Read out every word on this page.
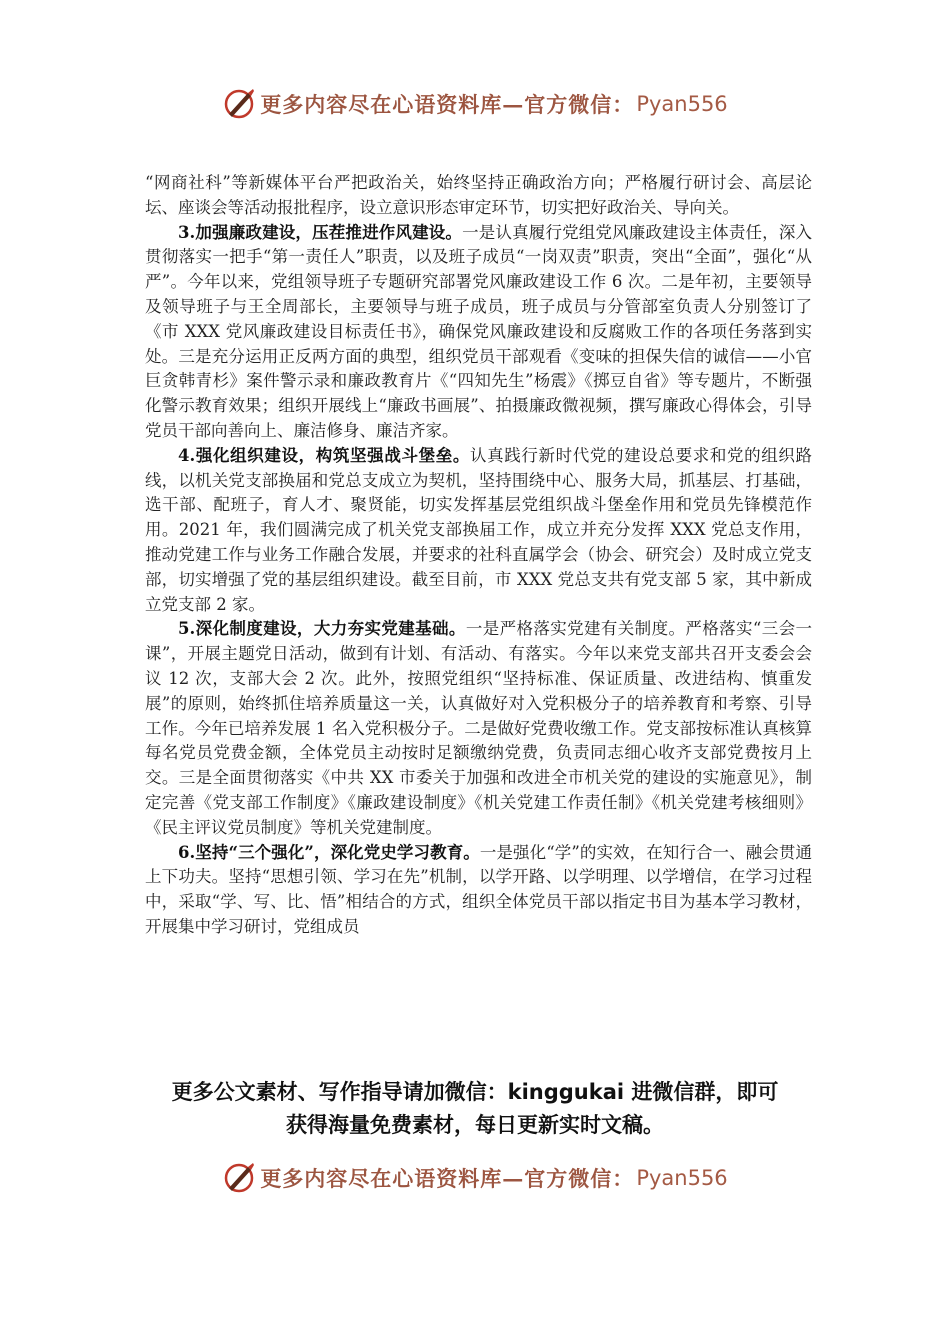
更多内容尽在心语资料库—官方微信： Pyan556

“网商社科”等新媒体平台严把政治关，始终坚持正确政治方向；严格履行研讨会、高层论坛、座谈会等活动报批程序，设立意识形态审定环节，切实把好政治关、导向关。

3.加强廉政建设，压茬推进作风建设。一是认真履行党组党风廉政建设主体责任，深入贯彻落实一把手“第一责任人”职责，以及班子成员“一岗双责”职责，突出“全面”，强化“从严”。今年以来，党组领导班子专题研究部署党风廉政建设工作 6 次。二是年初，主要领导及领导班子与王全周部长，主要领导与班子成员，班子成员与分管部室负责人分别签订了《市 XXX 党风廉政建设目标责任书》，确保党风廉政建设和反腐败工作的各项任务落到实处。三是充分运用正反两方面的典型，组织党员干部观看《变味的担保失信的诚信——小官巨贪韩青杉》案件警示录和廉政教育片《“四知先生”杨震》《掷豆自省》等专题片，不断强化警示教育效果；组织开展线上“廉政书画展”、拍摄廉政微视频，撰写廉政心得体会，引导党员干部向善向上、廉洁修身、廉洁齐家。

4.强化组织建设，构筑坚强战斗堡垒。认真践行新时代党的建设总要求和党的组织路线，以机关党支部换届和党总支成立为契机，坚持围绕中心、服务大局，抓基层、打基础，选干部、配班子，育人才、聚贤能，切实发挥基层党组织战斗堡垒作用和党员先锋模范作用。2021 年，我们圆满完成了机关党支部换届工作，成立并充分发挥 XXX 党总支作用，推动党建工作与业务工作融合发展，并要求的社科直属学会（协会、研究会）及时成立党支部，切实增强了党的基层组织建设。截至目前，市 XXX 党总支共有党支部 5 家，其中新成立党支部 2 家。

5.深化制度建设，大力夯实党建基础。一是严格落实党建有关制度。严格落实“三会一课”，开展主题党日活动，做到有计划、有活动、有落实。今年以来党支部共召开支委会会议 12 次，支部大会 2 次。此外，按照党组织“坚持标准、保证质量、改进结构、慎重发展”的原则，始终抓住培养质量这一关，认真做好对入党积极分子的培养教育和考察、引导工作。今年已培养发展 1 名入党积极分子。二是做好党费收缴工作。党支部按标准认真核算每名党员党费金额，全体党员主动按时足额缴纳党费，负责同志细心收齐支部党费按月上交。三是全面贯彻落实《中共 XX 市委关于加强和改进全市机关党的建设的实施意见》，制定完善《党支部工作制度》《廉政建设制度》《机关党建工作责任制》《机关党建考核细则》《民主评议党员制度》等机关党建制度。

6.坚持“三个强化”，深化党史学习教育。一是强化“学”的实效，在知行合一、融会贯通上下功夫。坚持“思想引领、学习在先”机制，以学开路、以学明理、以学增信，在学习过程中，采取“学、写、比、悟”相结合的方式，组织全体党员干部以指定书目为基本学习教材，开展集中学习研讨，党组成员

更多公文素材、写作指导请加微信：kinggukai 进微信群，即可
获得海量免费素材，每日更新实时文稿。
更多内容尽在心语资料库—官方微信： Pyan556
